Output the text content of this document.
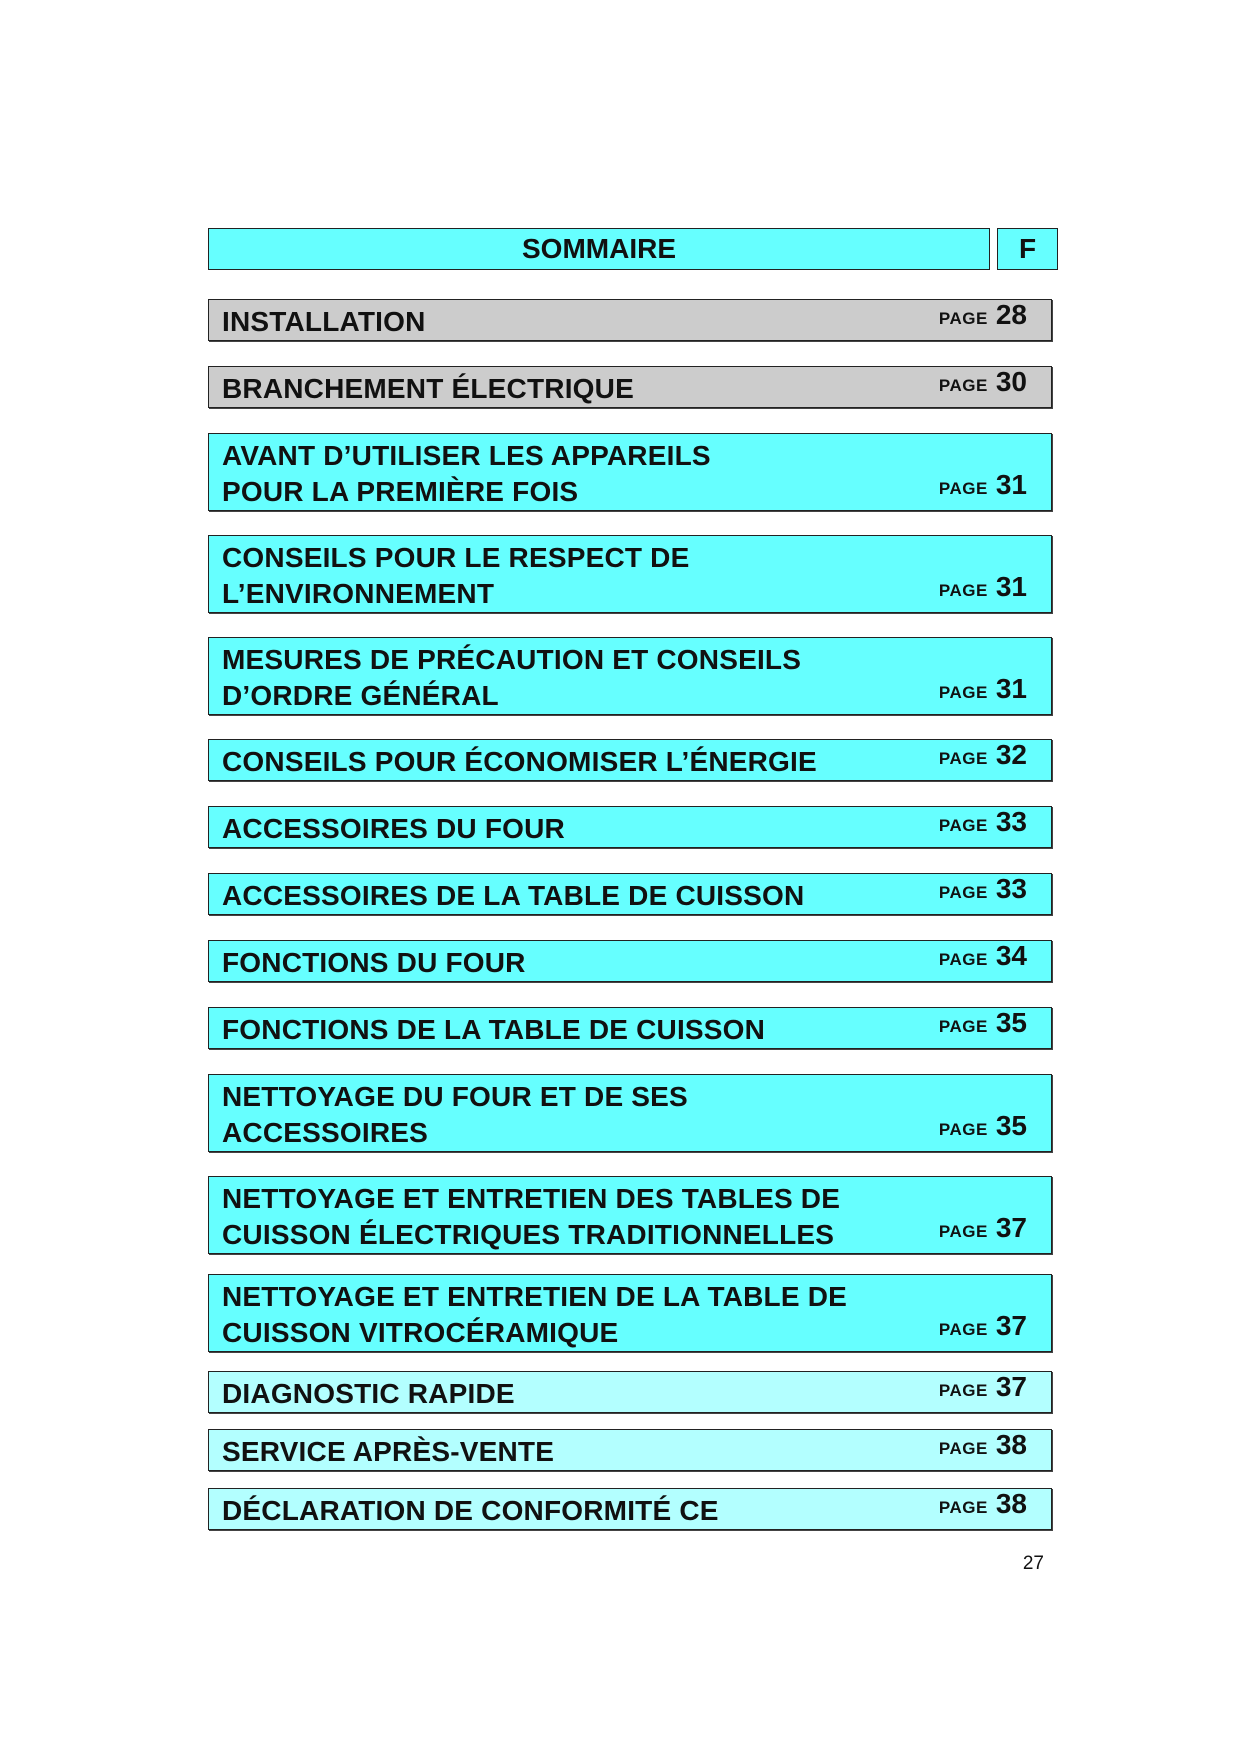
SOMMAIRE	F
INSTALLATION	PAGE 28
BRANCHEMENT ÉLECTRIQUE	PAGE 30
AVANT D’UTILISER LES APPAREILS
POUR LA PREMIÈRE FOIS	PAGE 31
CONSEILS POUR LE RESPECT DE
L’ENVIRONNEMENT	PAGE 31
MESURES DE PRÉCAUTION ET CONSEILS
D’ORDRE GÉNÉRAL	PAGE 31
CONSEILS POUR ÉCONOMISER L’ÉNERGIE	PAGE 32
ACCESSOIRES DU FOUR	PAGE 33
ACCESSOIRES DE LA TABLE DE CUISSON	PAGE 33
FONCTIONS DU FOUR	PAGE 34
FONCTIONS DE LA TABLE DE CUISSON	PAGE 35
NETTOYAGE DU FOUR ET DE SES
ACCESSOIRES	PAGE 35
NETTOYAGE ET ENTRETIEN DES TABLES DE
CUISSON ÉLECTRIQUES TRADITIONNELLES	PAGE 37
NETTOYAGE ET ENTRETIEN DE LA TABLE DE
CUISSON VITROCÉRAMIQUE	PAGE 37
DIAGNOSTIC RAPIDE	PAGE 37
SERVICE APRÈS-VENTE	PAGE 38
DÉCLARATION DE CONFORMITÉ CE	PAGE 38
27
